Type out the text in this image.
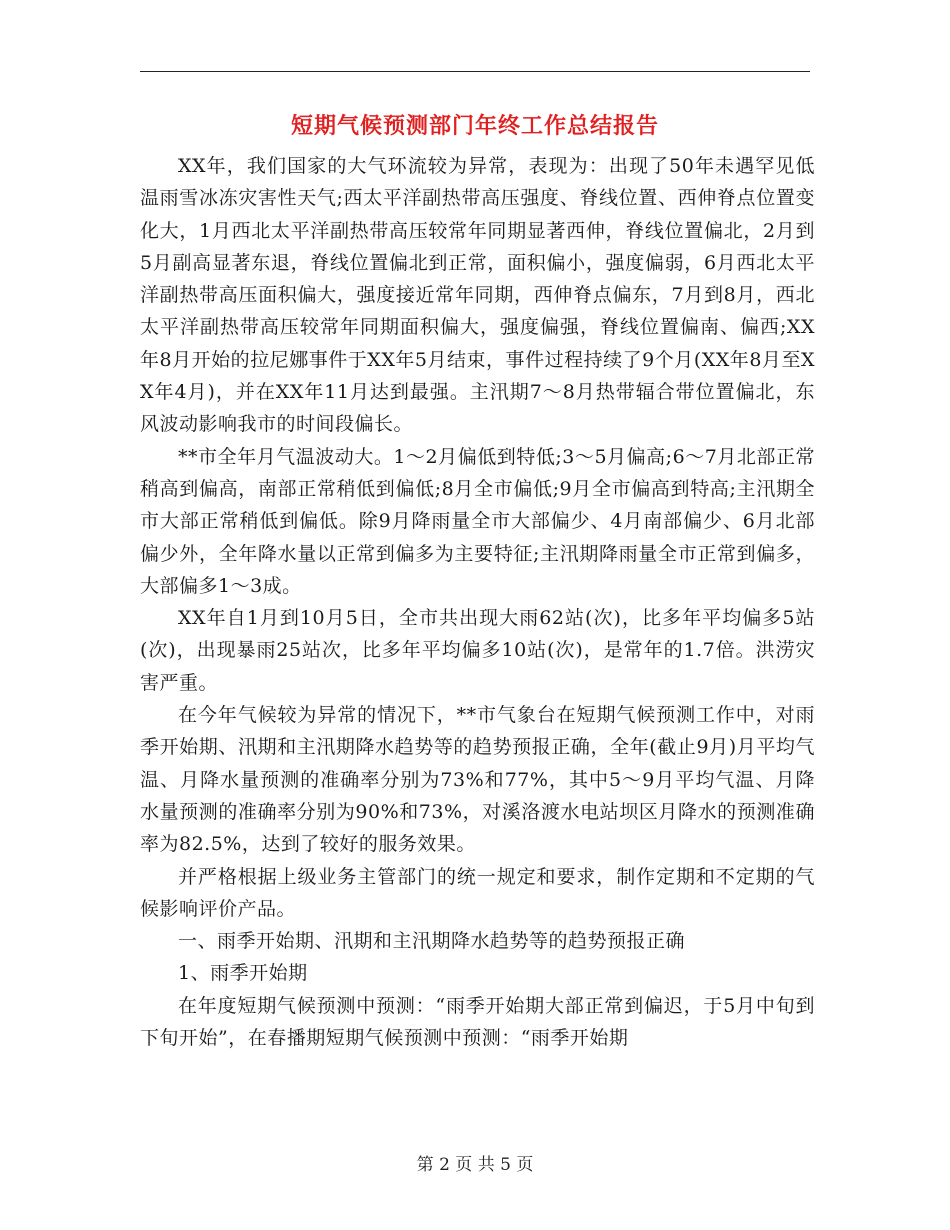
短期气候预测部门年终工作总结报告

XX年，我们国家的大气环流较为异常，表现为：出现了50年未遇罕见低温雨雪冰冻灾害性天气;西太平洋副热带高压强度、脊线位置、西伸脊点位置变化大，1月西北太平洋副热带高压较常年同期显著西伸，脊线位置偏北，2月到5月副高显著东退，脊线位置偏北到正常，面积偏小，强度偏弱，6月西北太平洋副热带高压面积偏大，强度接近常年同期，西伸脊点偏东，7月到8月，西北太平洋副热带高压较常年同期面积偏大，强度偏强，脊线位置偏南、偏西;XX年8月开始的拉尼娜事件于XX年5月结束，事件过程持续了9个月(XX年8月至XX年4月)，并在XX年11月达到最强。主汛期7～8月热带辐合带位置偏北，东风波动影响我市的时间段偏长。

**市全年月气温波动大。1～2月偏低到特低;3～5月偏高;6～7月北部正常稍高到偏高，南部正常稍低到偏低;8月全市偏低;9月全市偏高到特高;主汛期全市大部正常稍低到偏低。除9月降雨量全市大部偏少、4月南部偏少、6月北部偏少外，全年降水量以正常到偏多为主要特征;主汛期降雨量全市正常到偏多，大部偏多1～3成。

XX年自1月到10月5日，全市共出现大雨62站(次)，比多年平均偏多5站(次)，出现暴雨25站次，比多年平均偏多10站(次)，是常年的1.7倍。洪涝灾害严重。

在今年气候较为异常的情况下，**市气象台在短期气候预测工作中，对雨季开始期、汛期和主汛期降水趋势等的趋势预报正确，全年(截止9月)月平均气温、月降水量预测的准确率分别为73%和77%，其中5～9月平均气温、月降水量预测的准确率分别为90%和73%，对溪洛渡水电站坝区月降水的预测准确率为82.5%，达到了较好的服务效果。

并严格根据上级业务主管部门的统一规定和要求，制作定期和不定期的气候影响评价产品。

一、雨季开始期、汛期和主汛期降水趋势等的趋势预报正确

1、雨季开始期

在年度短期气候预测中预测：“雨季开始期大部正常到偏迟，于5月中旬到下旬开始”，在春播期短期气候预测中预测：“雨季开始期

第 2 页 共 5 页
